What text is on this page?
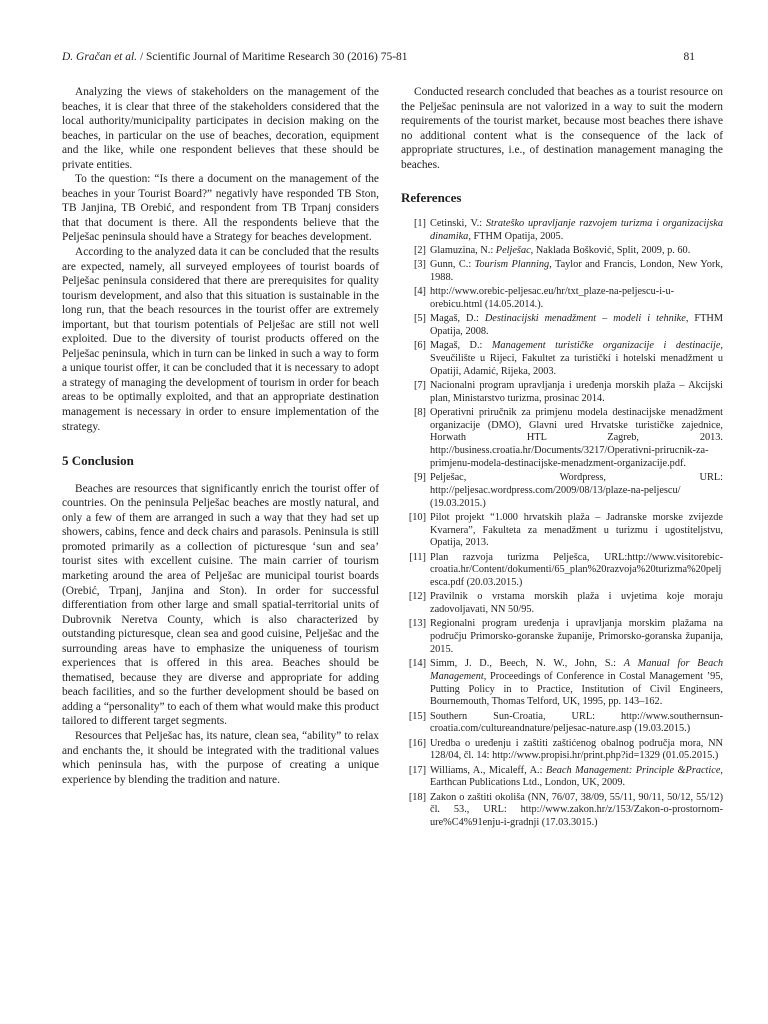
D. Gračan et al. / Scientific Journal of Maritime Research 30 (2016) 75-81	81

Analyzing the views of stakeholders on the management of the beaches, it is clear that three of the stakeholders considered that the local authority/municipality participates in decision making on the beaches, in particular on the use of beaches, decoration, equipment and the like, while one respondent believes that these should be private entities.

To the question: “Is there a document on the management of the beaches in your Tourist Board?” negativly have responded TB Ston, TB Janjina, TB Orebić, and respondent from TB Trpanj considers that that document is there. All the respondents believe that the Pelješac peninsula should have a Strategy for beaches development.

According to the analyzed data it can be concluded that the results are expected, namely, all surveyed employees of tourist boards of Pelješac peninsula considered that there are prerequisites for quality tourism development, and also that this situation is sustainable in the long run, that the beach resources in the tourist offer are extremely important, but that tourism potentials of Pelješac are still not well exploited. Due to the diversity of tourist products offered on the Pelješac peninsula, which in turn can be linked in such a way to form a unique tourist offer, it can be concluded that it is necessary to adopt a strategy of managing the development of tourism in order for beach areas to be optimally exploited, and that an appropriate destination management is necessary in order to ensure implementation of the strategy.

5 Conclusion

Beaches are resources that significantly enrich the tourist offer of countries. On the peninsula Pelješac beaches are mostly natural, and only a few of them are arranged in such a way that they had set up showers, cabins, fence and deck chairs and parasols. Peninsula is still promoted primarily as a collection of picturesque ‘sun and sea’ tourist sites with excellent cuisine. The main carrier of tourism marketing around the area of Pelješac are municipal tourist boards (Orebić, Trpanj, Janjina and Ston). In order for successful differentiation from other large and small spatial-territorial units of Dubrovnik Neretva County, which is also characterized by outstanding picturesque, clean sea and good cuisine, Pelješac and the surrounding areas have to emphasize the uniqueness of tourism experiences that is offered in this area. Beaches should be thematised, because they are diverse and appropriate for adding beach facilities, and so the further development should be based on adding a “personality” to each of them what would make this product tailored to different target segments.

Resources that Pelješac has, its nature, clean sea, “ability” to relax and enchants the, it should be integrated with the traditional values which peninsula has, with the purpose of creating a unique experience by blending the tradition and nature.

Conducted research concluded that beaches as a tourist resource on the Pelješac peninsula are not valorized in a way to suit the modern requirements of the tourist market, because most beaches there ishave no additional content what is the consequence of the lack of appropriate structures, i.e., of destination management managing the beaches.

References
[1] Cetinski, V.: Strateško upravljanje razvojem turizma i organizacijska dinamika, FTHM Opatija, 2005.
[2] Glamuzina, N.: Pelješac, Naklada Bošković, Split, 2009, p. 60.
[3] Gunn, C.: Tourism Planning, Taylor and Francis, London, New York, 1988.
[4] http://www.orebic-peljesac.eu/hr/txt_plaze-na-peljescu-i-u-orebicu.html (14.05.2014.).
[5] Magaš, D.: Destinacijski menadžment – modeli i tehnike, FTHM Opatija, 2008.
[6] Magaš, D.: Management turističke organizacije i destinacije, Sveučilište u Rijeci, Fakultet za turističkí i hotelski menadžment u Opatiji, Adamić, Rijeka, 2003.
[7] Nacionalni program upravljanja i uređenja morskih plaža – Akcijski plan, Ministarstvo turizma, prosinac 2014.
[8] Operativni priručnik za primjenu modela destinacijske menadžment organizacije (DMO), Glavni ured Hrvatske turističke zajednice, Horwath HTL Zagreb, 2013. http://business.croatia.hr/Documents/3217/Operativni-prirucnik-za-primjenu-modela-destinacijske-menadzment-organizacije.pdf.
[9] Pelješac, Wordpress, URL: http://peljesac.wordpress.com/2009/08/13/plaze-na-peljescu/ (19.03.2015.)
[10] Pilot projekt “1.000 hrvatskih plaža – Jadranske morske zvijezde Kvarnera”, Fakulteta za menadžment u turizmu i ugostiteljstvu, Opatija, 2013.
[11] Plan razvoja turizma Pelješca, URL:http://www.visitorebic-croatia.hr/Content/dokumenti/65_plan%20razvoja%20turizma%20peljesca.pdf (20.03.2015.)
[12] Pravilnik o vrstama morskih plaža i uvjetima koje moraju zadovoljavati, NN 50/95.
[13] Regionalni program uređenja i upravljanja morskim plažama na području Primorsko-goranske županije, Primorsko-goranska županija, 2015.
[14] Simm, J. D., Beech, N. W., John, S.: A Manual for Beach Management, Proceedings of Conference in Costal Management ’95, Putting Policy in to Practice, Institution of Civil Engineers, Bournemouth, Thomas Telford, UK, 1995, pp. 143–162.
[15] Southern Sun-Croatia, URL: http://www.southernsun-croatia.com/cultureandnature/peljesac-nature.asp (19.03.2015.)
[16] Uredba o uređenju i zaštiti zaštićenog obalnog područja mora, NN 128/04, čl. 14: http://www.propisi.hr/print.php?id=1329 (01.05.2015.)
[17] Williams, A., Micaleff, A.: Beach Management: Principle &Practice, Earthcan Publications Ltd., London, UK, 2009.
[18] Zakon o zaštiti okoliša (NN, 76/07, 38/09, 55/11, 90/11, 50/12, 55/12) čl. 53., URL: http://www.zakon.hr/z/153/Zakon-o-prostornom-ure%C4%91enju-i-gradnji (17.03.3015.)
